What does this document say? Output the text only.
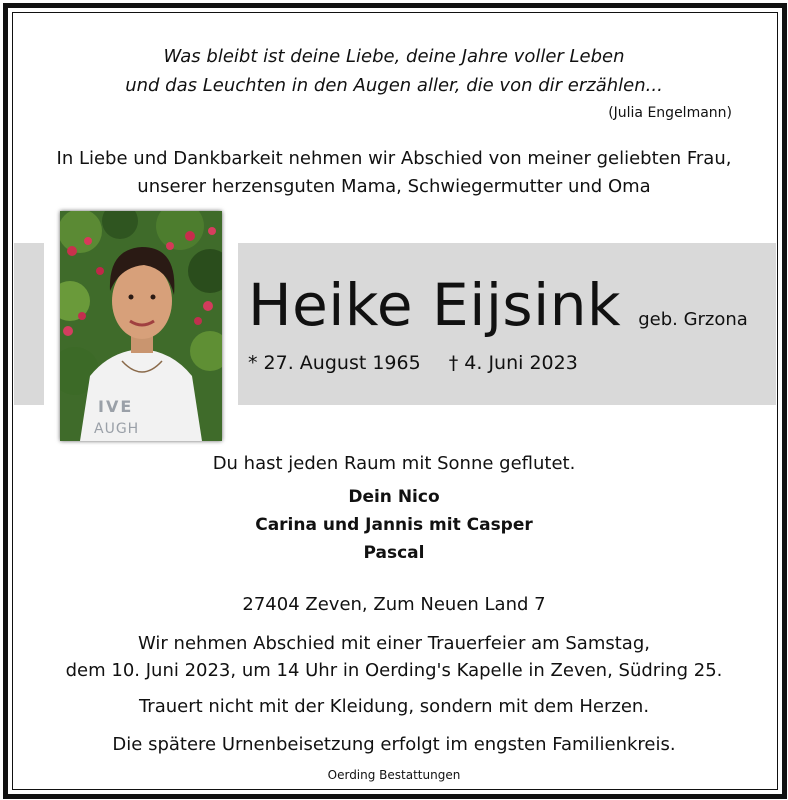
Was bleibt ist deine Liebe, deine Jahre voller Leben
und das Leuchten in den Augen aller, die von dir erzählen...
(Julia Engelmann)
In Liebe und Dankbarkeit nehmen wir Abschied von meiner geliebten Frau,
unserer herzensguten Mama, Schwiegermutter und Oma
IVE
AUGH
Heike Eijsink geb. Grzona
* 27. August 1965 † 4. Juni 2023
Du hast jeden Raum mit Sonne geflutet.
Dein Nico
Carina und Jannis mit Casper
Pascal
27404 Zeven, Zum Neuen Land 7
Wir nehmen Abschied mit einer Trauerfeier am Samstag,
dem 10. Juni 2023, um 14 Uhr in Oerding's Kapelle in Zeven, Südring 25.
Trauert nicht mit der Kleidung, sondern mit dem Herzen.
Die spätere Urnenbeisetzung erfolgt im engsten Familienkreis.
Oerding Bestattungen
